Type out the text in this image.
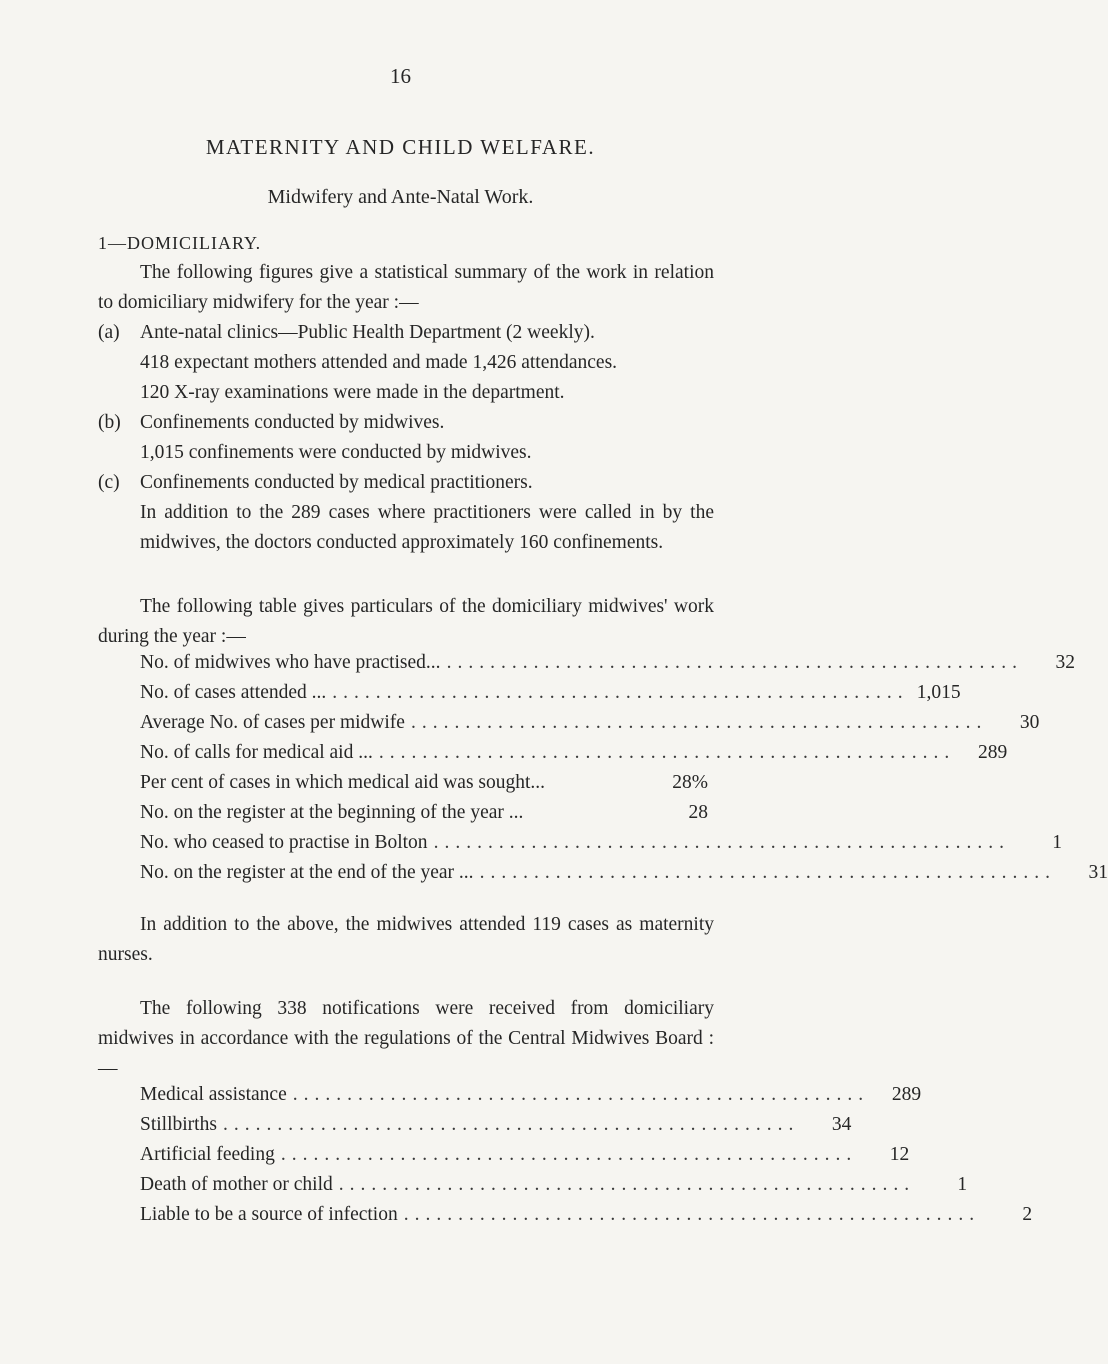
16
MATERNITY AND CHILD WELFARE.
Midwifery and Ante-Natal Work.
1—DOMICILIARY.
The following figures give a statistical summary of the work in relation to domiciliary midwifery for the year :—
(a) Ante-natal clinics—Public Health Department (2 weekly).
418 expectant mothers attended and made 1,426 attendances.
120 X-ray examinations were made in the department.
(b) Confinements conducted by midwives.
1,015 confinements were conducted by midwives.
(c) Confinements conducted by medical practitioners.
In addition to the 289 cases where practitioners were called in by the midwives, the doctors conducted approximately 160 confinements.
The following table gives particulars of the domiciliary midwives' work during the year :—
No. of midwives who have practised... .....................................................	32
No. of cases attended ... ..................................................... 1,015
Average No. of cases per midwife .....................................................	30
No. of calls for medical aid ... .....................................................	289
Per cent of cases in which medical aid was sought...	28%
No. on the register at the beginning of the year ...	28
No. who ceased to practise in Bolton .....................................................	1
No. on the register at the end of the year ... .....................................................	31
In addition to the above, the midwives attended 119 cases as maternity nurses.
The following 338 notifications were received from domiciliary midwives in accordance with the regulations of the Central Midwives Board :—
Medical assistance .....................................................	289
Stillbirths .....................................................	34
Artificial feeding .....................................................	12
Death of mother or child .....................................................	1
Liable to be a source of infection .....................................................	2
